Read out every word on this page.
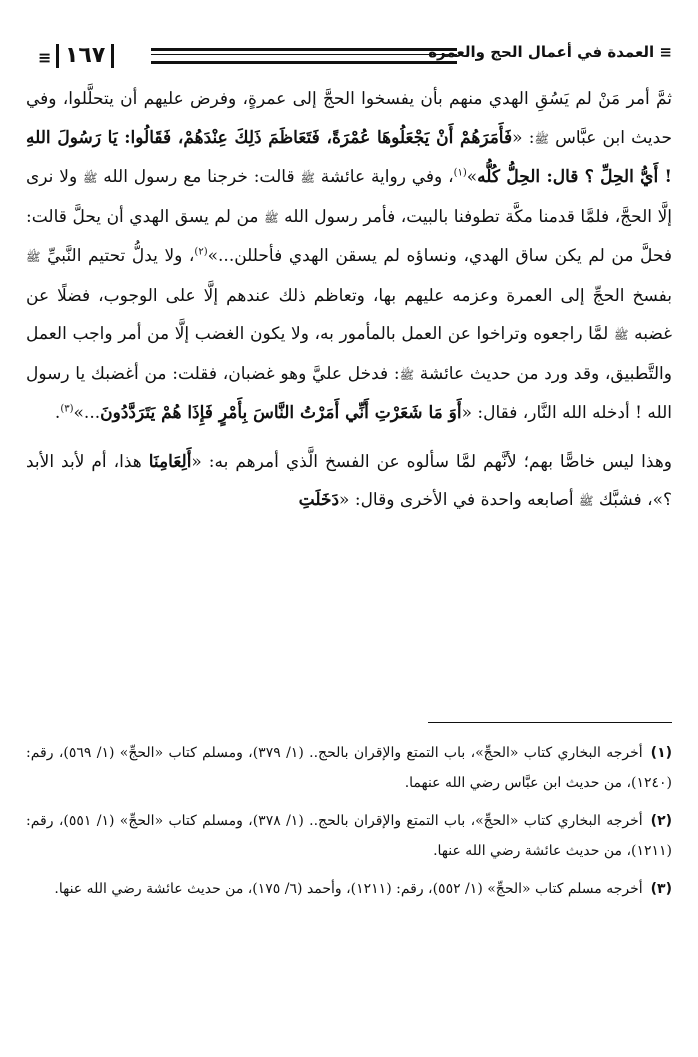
≡ ١٦٧	≡ العمدة في أعمال الحج والعمرة

ثمَّ أمر مَنْ لم يَسُقِ الهدي منهم بأن يفسخوا الحجَّ إلى عمرةٍ، وفرض عليهم أن يتحلَّلوا، وفي حديث ابن عبَّاس ﷺ: «فَأَمَرَهُمْ أَنْ يَجْعَلُوهَا عُمْرَةً، فَتَعَاظَمَ ذَلِكَ عِنْدَهُمْ، فَقَالُوا: يَا رَسُولَ اللهِ ! أَيُّ الحِلِّ ؟ قال: الحِلُّ كُلُّه»$^{(١)}$، وفي رواية عائشة ﷺ قالت: خرجنا مع رسول الله ﷺ ولا نرى إلَّا الحجَّ، فلمَّا قدمنا مكَّة تطوفنا بالبيت، فأمر رسول الله ﷺ من لم يسق الهدي أن يحلَّ قالت: فحلَّ من لم يكن ساق الهدي، ونساؤه لم يسقن الهدي فأحللن...»$^{(٢)}$، ولا يدلُّ تحتيم النَّبيِّ ﷺ بفسخ الحجِّ إلى العمرة وعزمه عليهم بها، وتعاظم ذلك عندهم إلَّا على الوجوب، فضلًا عن غضبه ﷺ لمَّا راجعوه وتراخوا عن العمل بالمأمور به، ولا يكون الغضب إلَّا من أمر واجب العمل والتَّطبيق، وقد ورد من حديث عائشة ﷺ: فدخل عليَّ وهو غضبان، فقلت: من أغضبك يا رسول الله ! أدخله الله النَّار، فقال: «أَوَ مَا شَعَرْتِ أَنِّي أَمَرْتُ النَّاسَ بِأَمْرٍ فَإِذَا هُمْ يَتَرَدَّدُونَ...»$^{(٣)}$.

وهذا ليس خاصًّا بهم؛ لأنَّهم لمَّا سألوه عن الفسخ الَّذي أمرهم به: «أَلِعَامِنَا هذا، أم لأبد الأبد ؟»، فشبَّك ﷺ أصابعه واحدة في الأخرى وقال: «دَخَلَتِ

(١)أخرجه البخاري كتاب «الحجِّ»، باب التمتع والإقران بالحج.. (١/ ٣٧٩)، ومسلم كتاب «الحجِّ» (١/ ٥٦٩)، رقم: (١٢٤٠)، من حديث ابن عبَّاس رضي الله عنهما.
(٢)أخرجه البخاري كتاب «الحجِّ»، باب التمتع والإقران بالحج.. (١/ ٣٧٨)، ومسلم كتاب «الحجِّ» (١/ ٥٥١)، رقم: (١٢١١)، من حديث عائشة رضي الله عنها.
(٣)أخرجه مسلم كتاب «الحجِّ» (١/ ٥٥٢)، رقم: (١٢١١)، وأحمد (٦/ ١٧٥)، من حديث عائشة رضي الله عنها.
